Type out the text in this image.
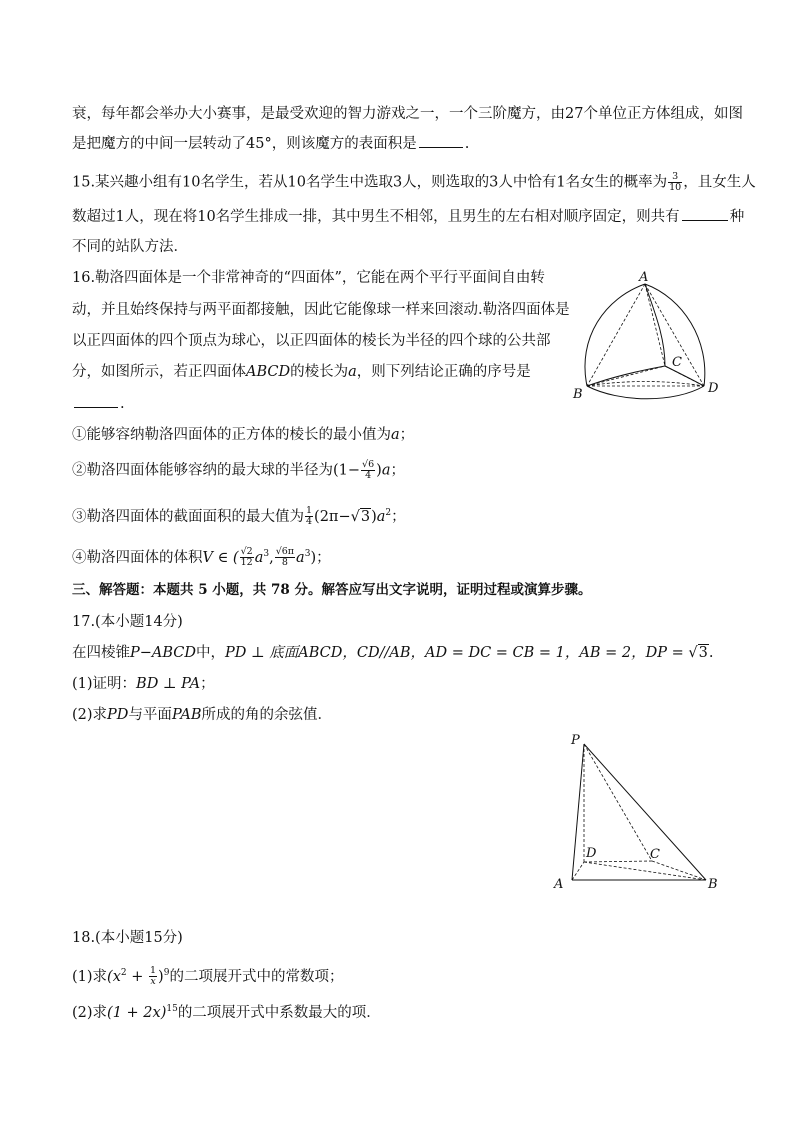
衰，每年都会举办大小赛事，是最受欢迎的智力游戏之一，一个三阶魔方，由27个单位正方体组成，如图
是把魔方的中间一层转动了45°，则该魔方的表面积是	.
15.某兴趣小组有10名学生，若从10名学生中选取3人，则选取的3人中恰有1名女生的概率为 $\frac{3}{10}$ ，且女生人
数超过1人，现在将10名学生排成一排，其中男生不相邻，且男生的左右相对顺序固定，则共有	种
不同的站队方法．
16.勒洛四面体是一个非常神奇的“四面体”，它能在两个平行平面间自由转
动，并且始终保持与两平面都接触，因此它能像球一样来回滚动.勒洛四面体是
以正四面体的四个顶点为球心，以正四面体的棱长为半径的四个球的公共部
分，如图所示，若正四面体ABCD的棱长为a，则下列结论正确的序号是
.
①能够容纳勒洛四面体的正方体的棱长的最小值为a；
②勒洛四面体能够容纳的最大球的半径为$(1- \frac{√6}{4} )a$；
③勒洛四面体的截面面积的最大值为 $\frac{1}{4} (2\pi-√3)a^2$；
④勒洛四面体的体积V ∈ ( $\frac{√2}{12} a^3$, $\frac{√6\pi}{8} a^3$)；
A
B
C
D
三、解答题：本题共 5 小题，共 78 分。解答应写出文字说明，证明过程或演算步骤。
17.(本小题14分)
在四棱锥P−ABCD中，PD ⊥ 底面ABCD，CD//AB，AD = DC = CB = 1，AB = 2，DP = √3.
(1)证明：BD ⊥ PA；
(2)求PD与平面PAB所成的角的余弦值．
P
A	B
C
D
18.(本小题15分)
(1)求$(x^2 + \frac{1}{x} )^9$的二项展开式中的常数项；
(2)求$(1 + 2x)^{15}$的二项展开式中系数最大的项．
